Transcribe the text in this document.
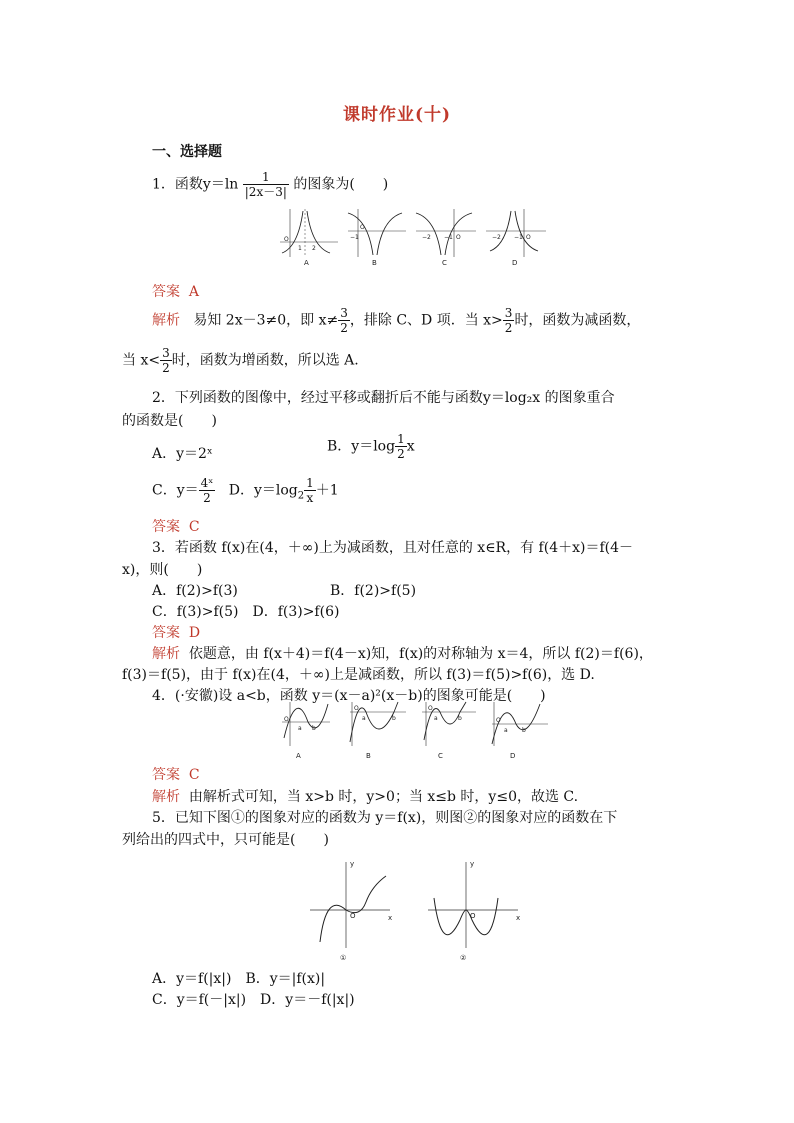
课时作业(十)
一、选择题
1．函数$y=\ln \frac{1}{|2x-3|}$ 的图象为(　　)
O
1 2
A
−1
O
B
−2 −1 O
C
−2 −1 O
D
答案 A
解析 易知 2x－3≠0，即 $x\ne \frac{3}{2}$ ，排除 C、D 项．当 $x> \frac{3}{2}$ 时，函数为减函数，
当 $x< \frac{3}{2}$ 时，函数为增函数，所以选 A.
2．下列函数的图像中，经过平移或翻折后不能与函数y＝log₂x 的图象重合
的函数是(　　)
A．y＝2ˣ	B．$y=\log \frac{1}{2}$ x
C．$y= \frac{\text{4ˣ}}{2}$ D．$y=\log_2 \frac{1}{x} +1$
答案 C
3．若函数 f(x)在(4，＋∞)上为减函数，且对任意的 x∈R，有 f(4＋x)＝f(4－
x)，则(　　)
A．f(2)>f(3)	B．f(2)>f(5)
C．f(3)>f(5)　D．f(3)>f(6)
答案 D
解析 依题意，由 f(x＋4)＝f(4－x)知，f(x)的对称轴为 x＝4，所以 f(2)＝f(6)，
f(3)＝f(5)，由于 f(x)在(4，＋∞)上是减函数，所以 f(3)＝f(5)>f(6)，选 D.
4．(·安徽)设 a<b，函数 y＝(x－a)²(x－b)的图象可能是(　　)
O
a b
A
O
a	b
B
O
a	b
C
O
a b
D
答案 C
解析 由解析式可知，当 x>b 时，y>0；当 x≤b 时，y≤0，故选 C.
5．已知下图①的图象对应的函数为 y＝f(x)，则图②的图象对应的函数在下
列给出的四式中，只可能是(　　)
O	x
y
①
O	x
y
②
A．y＝f(|x|)　B．y＝|f(x)|
C．y＝f(－|x|)　D．y＝－f(|x|)
